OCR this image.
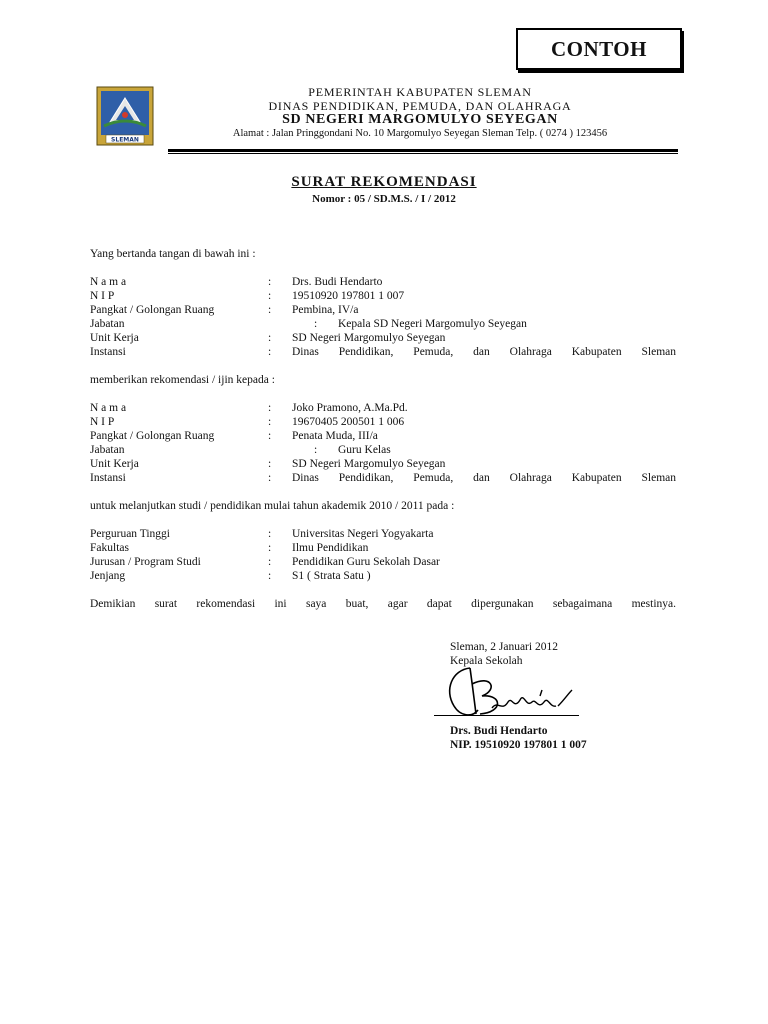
CONTOH
SLEMAN
PEMERINTAH KABUPATEN SLEMAN
DINAS PENDIDIKAN, PEMUDA, DAN OLAHRAGA
SD NEGERI MARGOMULYO SEYEGAN
Alamat : Jalan Pringgondani No. 10 Margomulyo Seyegan Sleman Telp. ( 0274 ) 123456
SURAT REKOMENDASI
Nomor : 05 / SD.M.S. / I / 2012
Yang bertanda tangan di bawah ini :
N a m a	: Drs. Budi Hendarto
N I P	: 19510920 197801 1 007
Pangkat / Golongan Ruang	: Pembina, IV/a
Jabatan	: Kepala SD Negeri Margomulyo Seyegan
Unit Kerja	: SD Negeri Margomulyo Seyegan
Instansi	: Dinas Pendidikan, Pemuda, dan Olahraga Kabupaten Sleman
memberikan rekomendasi / ijin kepada :
N a m a	: Joko Pramono, A.Ma.Pd.
N I P	: 19670405 200501 1 006
Pangkat / Golongan Ruang	: Penata Muda, III/a
Jabatan	: Guru Kelas
Unit Kerja	: SD Negeri Margomulyo Seyegan
Instansi	: Dinas Pendidikan, Pemuda, dan Olahraga Kabupaten Sleman
untuk melanjutkan studi / pendidikan mulai tahun akademik 2010 / 2011 pada :
Perguruan Tinggi	: Universitas Negeri Yogyakarta
Fakultas	: Ilmu Pendidikan
Jurusan / Program Studi	: Pendidikan Guru Sekolah Dasar
Jenjang	: S1 ( Strata Satu )
Demikian surat rekomendasi ini saya buat, agar dapat dipergunakan sebagaimana mestinya.
Sleman, 2 Januari 2012
Kepala Sekolah
Drs. Budi Hendarto
NIP. 19510920 197801 1 007
